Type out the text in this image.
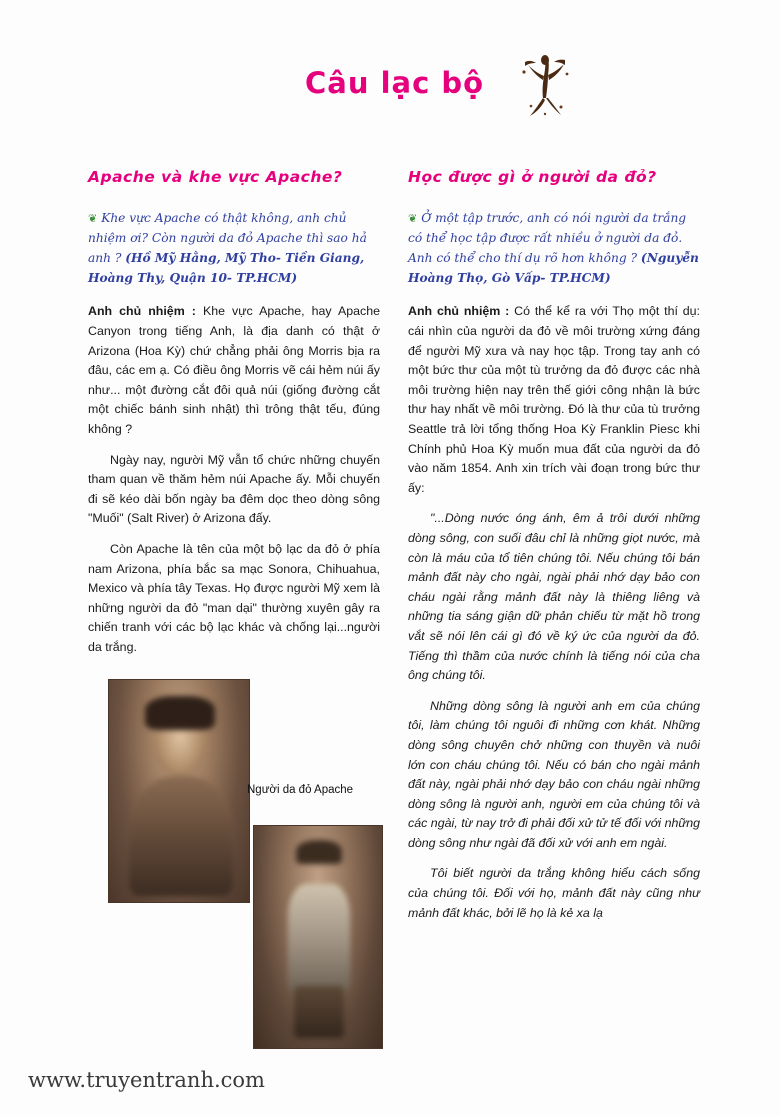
Câu lạc bộ
Apache và khe vực Apache?

❦ Khe vực Apache có thật không, anh chủ nhiệm ơi? Còn người da đỏ Apache thì sao hả anh ? (Hồ Mỹ Hằng, Mỹ Tho- Tiền Giang, Hoàng Thy, Quận 10- TP.HCM)

Anh chủ nhiệm : Khe vực Apache, hay Apache Canyon trong tiếng Anh, là địa danh có thật ở Arizona (Hoa Kỳ) chứ chẳng phải ông Morris bịa ra đâu, các em ạ. Có điều ông Morris vẽ cái hẻm núi ấy như... một đường cắt đôi quả núi (giống đường cắt một chiếc bánh sinh nhật) thì trông thật tếu, đúng không ?

Ngày nay, người Mỹ vẫn tổ chức những chuyến tham quan về thăm hẻm núi Apache ấy. Mỗi chuyến đi sẽ kéo dài bốn ngày ba đêm dọc theo dòng sông "Muối" (Salt River) ở Arizona đấy.

Còn Apache là tên của một bộ lạc da đỏ ở phía nam Arizona, phía bắc sa mạc Sonora, Chihuahua, Mexico và phía tây Texas. Họ được người Mỹ xem là những người da đỏ "man dại" thường xuyên gây ra chiến tranh với các bộ lạc khác và chống lại...người da trắng.

Học được gì ở người da đỏ?

❦ Ở một tập trước, anh có nói người da trắng có thể học tập được rất nhiều ở người da đỏ. Anh có thể cho thí dụ rõ hơn không ? (Nguyễn Hoàng Thọ, Gò Vấp- TP.HCM)

Anh chủ nhiệm : Có thể kể ra với Thọ một thí dụ: cái nhìn của người da đỏ về môi trường xứng đáng để người Mỹ xưa và nay học tập. Trong tay anh có một bức thư của một tù trưởng da đỏ được các nhà môi trường hiện nay trên thế giới công nhận là bức thư hay nhất về môi trường. Đó là thư của tù trưởng Seattle trả lời tổng thống Hoa Kỳ Franklin Piesc khi Chính phủ Hoa Kỳ muốn mua đất của người da đỏ vào năm 1854. Anh xin trích vài đoạn trong bức thư ấy:

"...Dòng nước óng ánh, êm ả trôi dưới những dòng sông, con suối đâu chỉ là những giọt nước, mà còn là máu của tổ tiên chúng tôi. Nếu chúng tôi bán mảnh đất này cho ngài, ngài phải nhớ dạy bảo con cháu ngài rằng mảnh đất này là thiêng liêng và những tia sáng giận dữ phản chiếu từ mặt hồ trong vắt sẽ nói lên cái gì đó về ký ức của người da đỏ. Tiếng thì thầm của nước chính là tiếng nói của cha ông chúng tôi.

Những dòng sông là người anh em của chúng tôi, làm chúng tôi nguôi đi những cơn khát. Những dòng sông chuyên chở những con thuyền và nuôi lớn con cháu chúng tôi. Nếu có bán cho ngài mảnh đất này, ngài phải nhớ dạy bảo con cháu ngài những dòng sông là người anh, người em của chúng tôi và các ngài, từ nay trở đi phải đối xử tử tế đối với những dòng sông như ngài đã đối xử với anh em ngài.

Tôi biết người da trắng không hiểu cách sống của chúng tôi. Đối với họ, mảnh đất này cũng như mảnh đất khác, bởi lẽ họ là kẻ xa lạ

Người da đỏ Apache
www.truyentranh.com
